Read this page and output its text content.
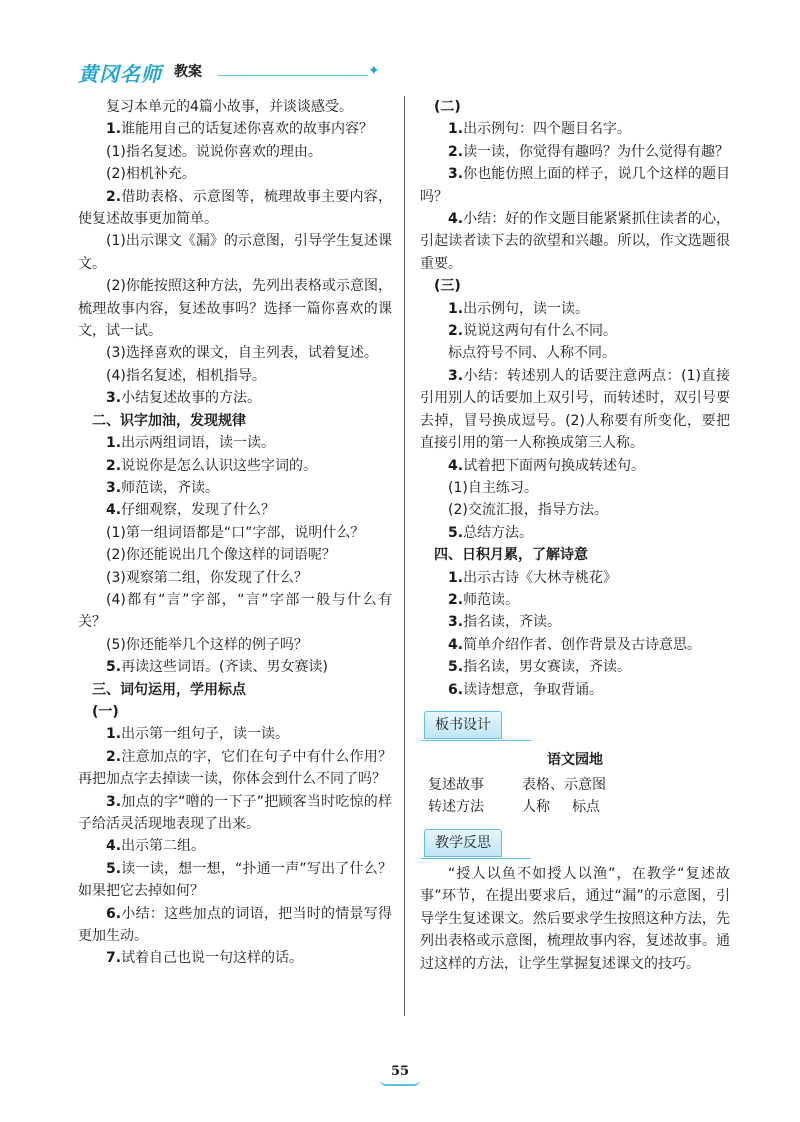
黄冈名师 教案	✦

复习本单元的4篇小故事，并谈谈感受。

1.谁能用自己的话复述你喜欢的故事内容？

(1)指名复述。说说你喜欢的理由。

(2)相机补充。

2.借助表格、示意图等，梳理故事主要内容，使复述故事更加简单。

(1)出示课文《漏》的示意图，引导学生复述课文。

(2)你能按照这种方法，先列出表格或示意图，梳理故事内容，复述故事吗？选择一篇你喜欢的课文，试一试。

(3)选择喜欢的课文，自主列表，试着复述。

(4)指名复述，相机指导。

3.小结复述故事的方法。

二、识字加油，发现规律

1.出示两组词语，读一读。

2.说说你是怎么认识这些字词的。

3.师范读，齐读。

4.仔细观察，发现了什么？

(1)第一组词语都是“口”字部，说明什么？

(2)你还能说出几个像这样的词语呢？

(3)观察第二组，你发现了什么？

(4)都有“言”字部，“言”字部一般与什么有关？

(5)你还能举几个这样的例子吗？

5.再读这些词语。(齐读、男女赛读)

三、词句运用，学用标点

(一)

1.出示第一组句子，读一读。

2.注意加点的字，它们在句子中有什么作用？再把加点字去掉读一读，你体会到什么不同了吗？

3.加点的字“噌的一下子”把顾客当时吃惊的样子给活灵活现地表现了出来。

4.出示第二组。

5.读一读，想一想，“扑通一声”写出了什么？如果把它去掉如何？

6.小结：这些加点的词语，把当时的情景写得更加生动。

7.试着自己也说一句这样的话。

(二)

1.出示例句：四个题目名字。

2.读一读，你觉得有趣吗？为什么觉得有趣？

3.你也能仿照上面的样子，说几个这样的题目吗？

4.小结：好的作文题目能紧紧抓住读者的心，引起读者读下去的欲望和兴趣。所以，作文选题很重要。

(三)

1.出示例句，读一读。

2.说说这两句有什么不同。

标点符号不同、人称不同。

3.小结：转述别人的话要注意两点：(1)直接引用别人的话要加上双引号，而转述时，双引号要去掉，冒号换成逗号。(2)人称要有所变化，要把直接引用的第一人称换成第三人称。

4.试着把下面两句换成转述句。

(1)自主练习。

(2)交流汇报，指导方法。

5.总结方法。

四、日积月累，了解诗意

1.出示古诗《大林寺桃花》

2.师范读。

3.指名读，齐读。

4.简单介绍作者、创作背景及古诗意思。

5.指名读，男女赛读，齐读。

6.读诗想意，争取背诵。

板书设计

语文园地

复述故事	表格、示意图

转述方法	人称 标点

教学反思

“授人以鱼不如授人以渔”，在教学“复述故事”环节，在提出要求后，通过“漏”的示意图，引导学生复述课文。然后要求学生按照这种方法，先列出表格或示意图，梳理故事内容，复述故事。通过这样的方法，让学生掌握复述课文的技巧。

55
